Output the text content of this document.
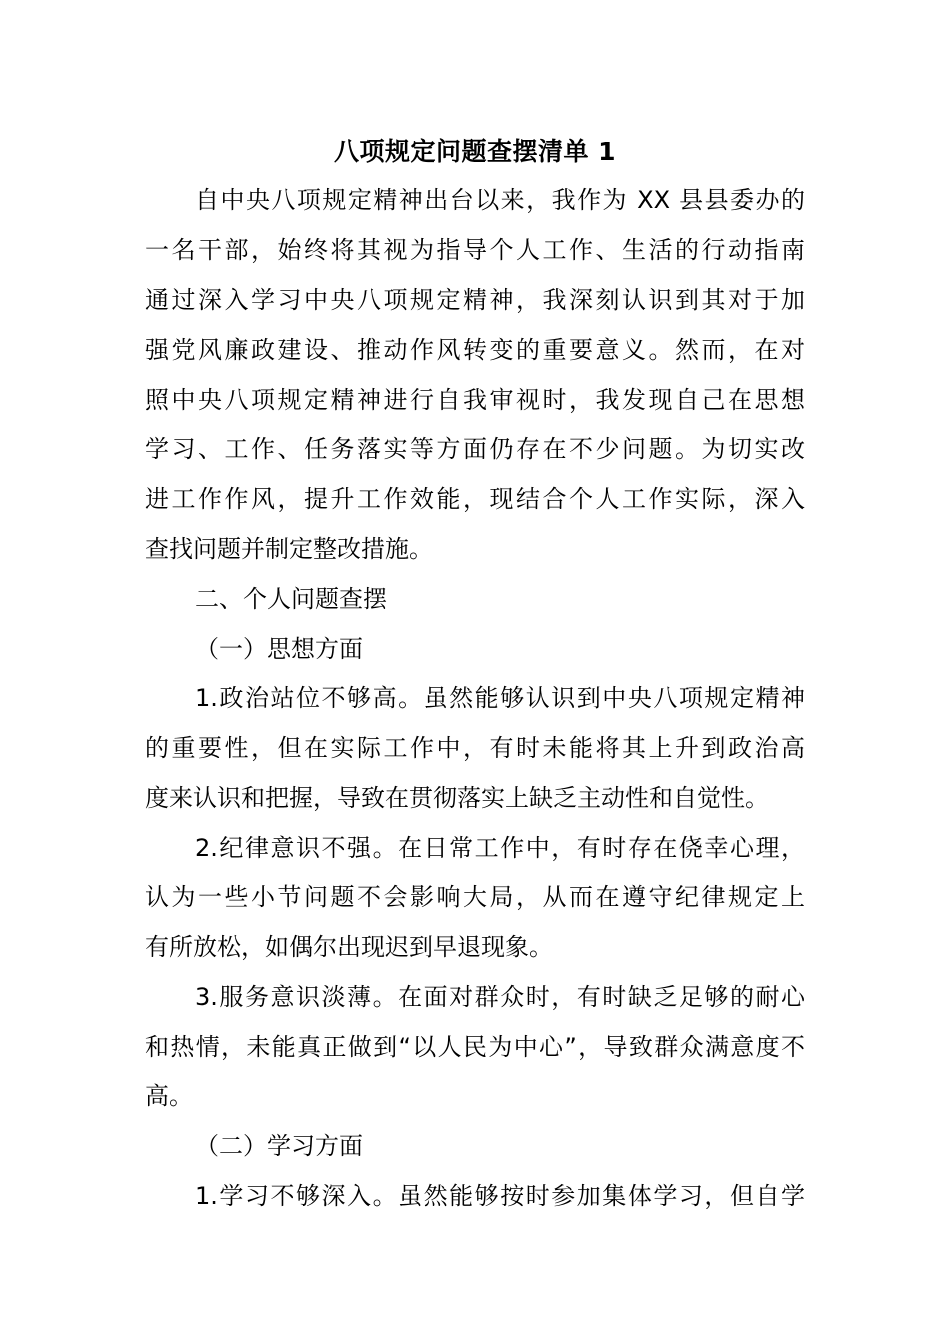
八项规定问题查摆清单 1
自中央八项规定精神出台以来，我作为 XX 县县委办的
一名干部，始终将其视为指导个人工作、生活的行动指南
通过深入学习中央八项规定精神，我深刻认识到其对于加
强党风廉政建设、推动作风转变的重要意义。然而，在对
照中央八项规定精神进行自我审视时，我发现自己在思想
学习、工作、任务落实等方面仍存在不少问题。为切实改
进工作作风，提升工作效能，现结合个人工作实际，深入
查找问题并制定整改措施。
二、个人问题查摆
（一）思想方面
1.政治站位不够高。虽然能够认识到中央八项规定精神
的重要性，但在实际工作中，有时未能将其上升到政治高
度来认识和把握，导致在贯彻落实上缺乏主动性和自觉性。
2.纪律意识不强。在日常工作中，有时存在侥幸心理，
认为一些小节问题不会影响大局，从而在遵守纪律规定上
有所放松，如偶尔出现迟到早退现象。
3.服务意识淡薄。在面对群众时，有时缺乏足够的耐心
和热情，未能真正做到“以人民为中心”，导致群众满意度不
高。
（二）学习方面
1.学习不够深入。虽然能够按时参加集体学习，但自学
